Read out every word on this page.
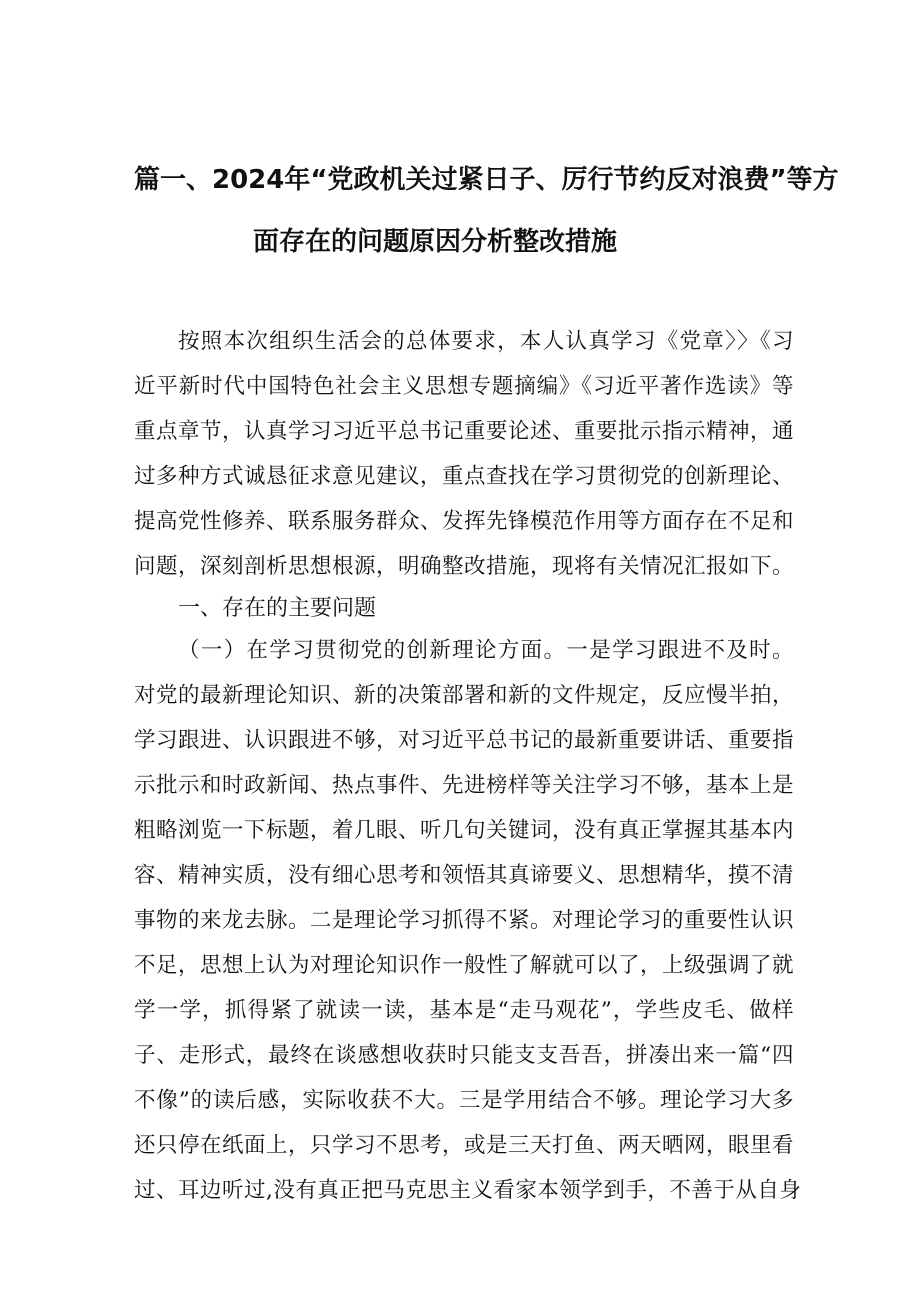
篇一、2024年“党政机关过紧日子、厉行节约反对浪费”等方
面存在的问题原因分析整改措施
按照本次组织生活会的总体要求，本人认真学习《党章〉〉《习
近平新时代中国特色社会主义思想专题摘编》《习近平著作选读》等
重点章节，认真学习习近平总书记重要论述、重要批示指示精神，通
过多种方式诚恳征求意见建议，重点查找在学习贯彻党的创新理论、
提高党性修养、联系服务群众、发挥先锋模范作用等方面存在不足和
问题，深刻剖析思想根源，明确整改措施，现将有关情况汇报如下。
一、存在的主要问题
（一）在学习贯彻党的创新理论方面。一是学习跟进不及时。
对党的最新理论知识、新的决策部署和新的文件规定，反应慢半拍，
学习跟进、认识跟进不够，对习近平总书记的最新重要讲话、重要指
示批示和时政新闻、热点事件、先进榜样等关注学习不够，基本上是
粗略浏览一下标题，着几眼、听几句关键词，没有真正掌握其基本内
容、精神实质，没有细心思考和领悟其真谛要义、思想精华，摸不清
事物的来龙去脉。二是理论学习抓得不紧。对理论学习的重要性认识
不足，思想上认为对理论知识作一般性了解就可以了，上级强调了就
学一学，抓得紧了就读一读，基本是“走马观花”，学些皮毛、做样
子、走形式，最终在谈感想收获时只能支支吾吾，拼凑出来一篇“四
不像”的读后感，实际收获不大。三是学用结合不够。理论学习大多
还只停在纸面上，只学习不思考，或是三天打鱼、两天晒网，眼里看
过、耳边听过,没有真正把马克思主义看家本领学到手，不善于从自身
